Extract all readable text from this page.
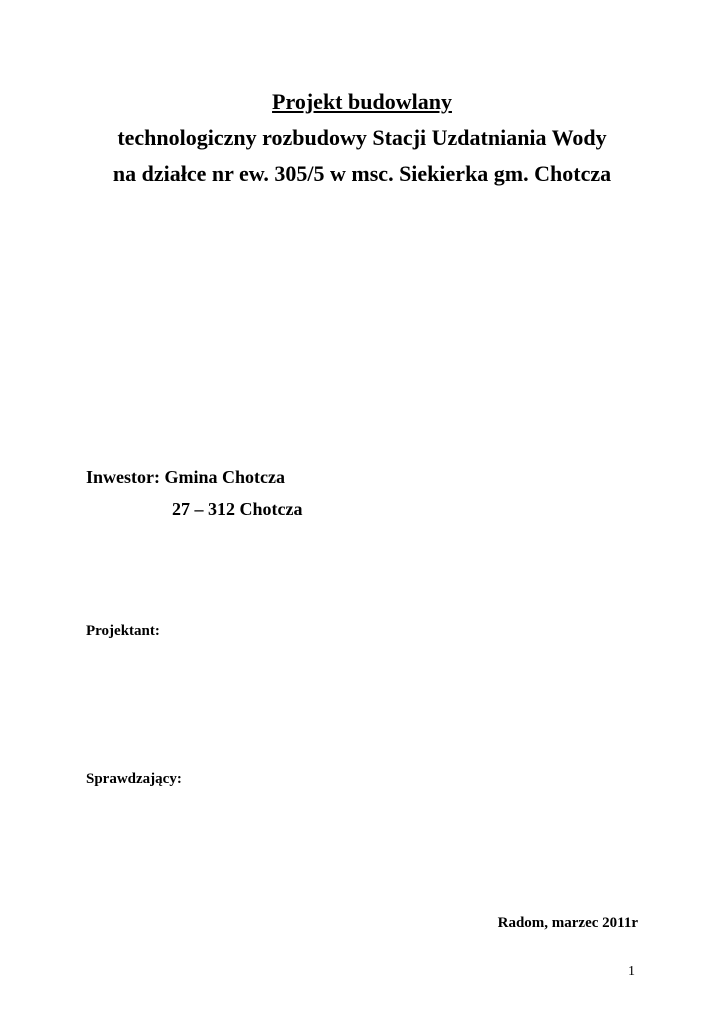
Projekt budowlany
technologiczny rozbudowy Stacji Uzdatniania Wody
na działce nr ew. 305/5 w msc. Siekierka gm. Chotcza
Inwestor: Gmina Chotcza
27 – 312 Chotcza
Projektant:
Sprawdzający:
Radom, marzec 2011r
1
